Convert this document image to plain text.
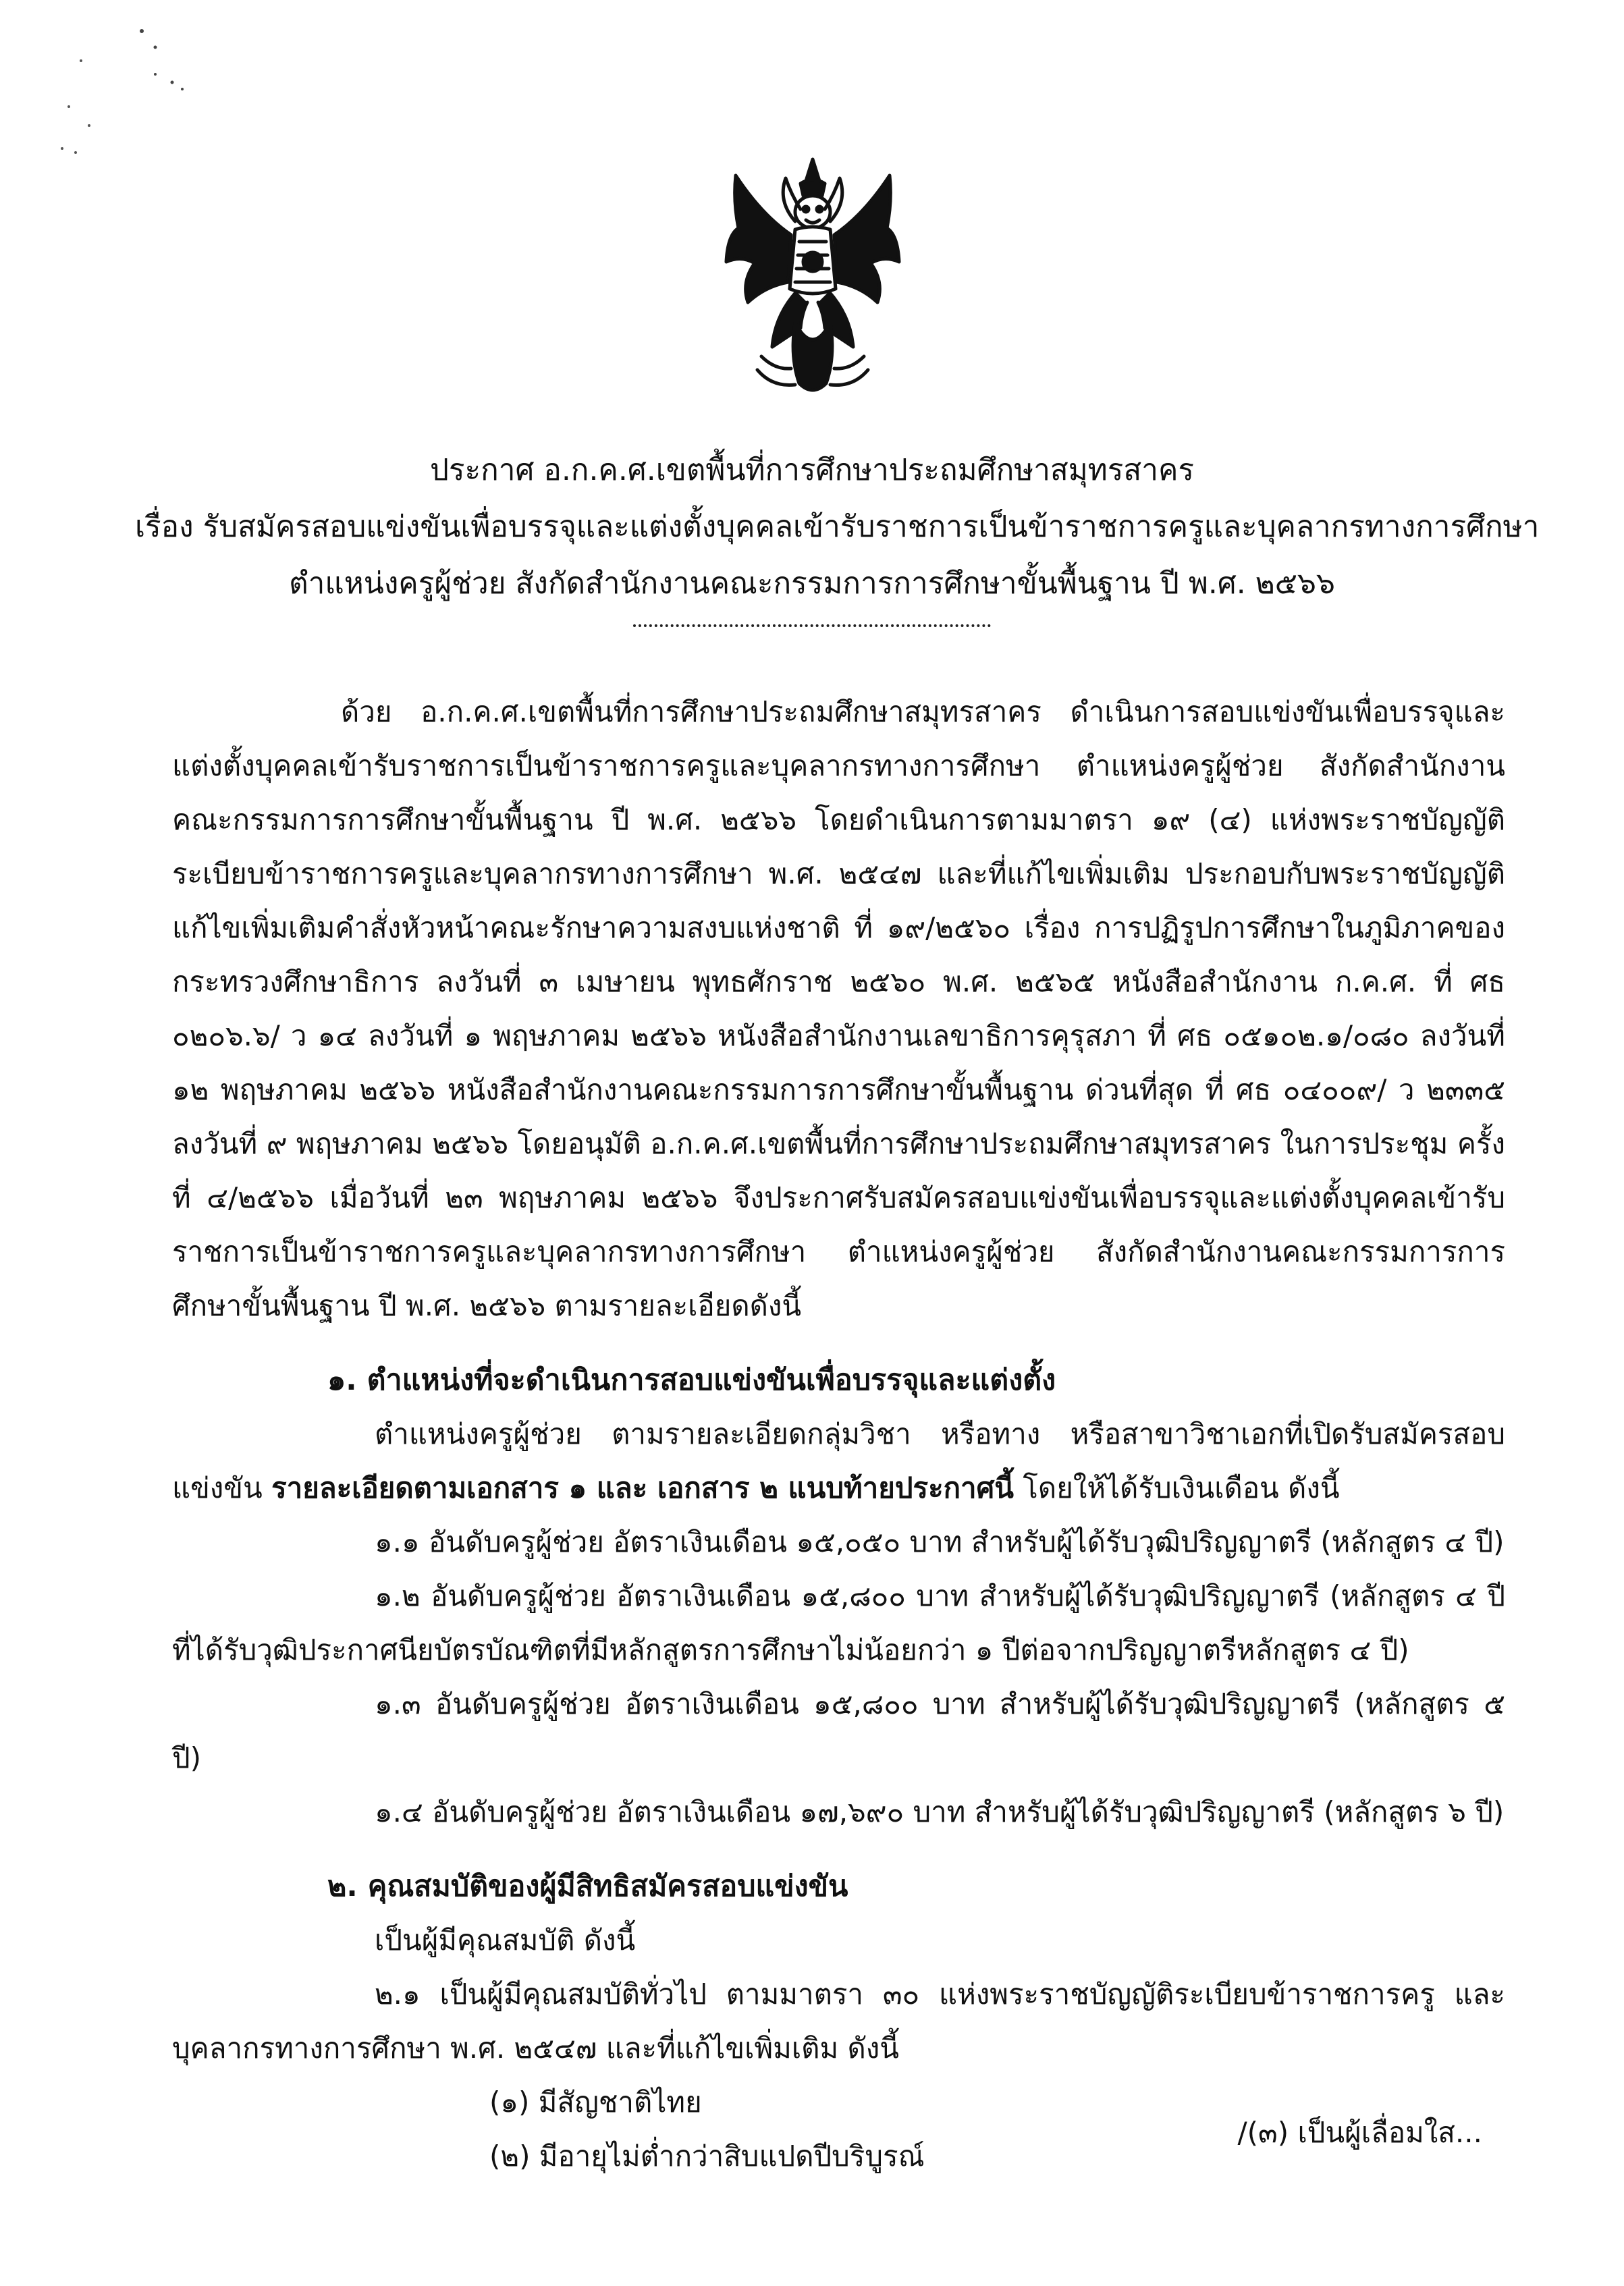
ประกาศ อ.ก.ค.ศ.เขตพื้นที่การศึกษาประถมศึกษาสมุทรสาคร

เรื่อง รับสมัครสอบแข่งขันเพื่อบรรจุและแต่งตั้งบุคคลเข้ารับราชการเป็นข้าราชการครูและบุคลากรทางการศึกษา

ตำแหน่งครูผู้ช่วย สังกัดสำนักงานคณะกรรมการการศึกษาขั้นพื้นฐาน ปี พ.ศ. ๒๕๖๖

ด้วย อ.ก.ค.ศ.เขตพื้นที่การศึกษาประถมศึกษาสมุทรสาคร ดำเนินการสอบแข่งขันเพื่อบรรจุและแต่งตั้งบุคคลเข้ารับราชการเป็นข้าราชการครูและบุคลากรทางการศึกษา ตำแหน่งครูผู้ช่วย สังกัดสำนักงานคณะกรรมการการศึกษาขั้นพื้นฐาน ปี พ.ศ. ๒๕๖๖ โดยดำเนินการตามมาตรา ๑๙ (๔) แห่งพระราชบัญญัติระเบียบข้าราชการครูและบุคลากรทางการศึกษา พ.ศ. ๒๕๔๗ และที่แก้ไขเพิ่มเติม ประกอบกับพระราชบัญญัติแก้ไขเพิ่มเติมคำสั่งหัวหน้าคณะรักษาความสงบแห่งชาติ ที่ ๑๙/๒๕๖๐ เรื่อง การปฏิรูปการศึกษาในภูมิภาคของกระทรวงศึกษาธิการ ลงวันที่ ๓ เมษายน พุทธศักราช ๒๕๖๐ พ.ศ. ๒๕๖๕ หนังสือสำนักงาน ก.ค.ศ. ที่ ศธ ๐๒๐๖.๖/ ว ๑๔ ลงวันที่ ๑ พฤษภาคม ๒๕๖๖ หนังสือสำนักงานเลขาธิการคุรุสภา ที่ ศธ ๐๕๑๐๒.๑/๐๘๐ ลงวันที่ ๑๒ พฤษภาคม ๒๕๖๖ หนังสือสำนักงานคณะกรรมการการศึกษาขั้นพื้นฐาน ด่วนที่สุด ที่ ศธ ๐๔๐๐๙/ ว ๒๓๓๕ ลงวันที่ ๙ พฤษภาคม ๒๕๖๖ โดยอนุมัติ อ.ก.ค.ศ.เขตพื้นที่การศึกษาประถมศึกษาสมุทรสาคร ในการประชุม ครั้งที่ ๔/๒๕๖๖ เมื่อวันที่ ๒๓ พฤษภาคม ๒๕๖๖ จึงประกาศรับสมัครสอบแข่งขันเพื่อบรรจุและแต่งตั้งบุคคลเข้ารับราชการเป็นข้าราชการครูและบุคลากรทางการศึกษา ตำแหน่งครูผู้ช่วย สังกัดสำนักงานคณะกรรมการการศึกษาขั้นพื้นฐาน ปี พ.ศ. ๒๕๖๖ ตามรายละเอียดดังนี้

๑. ตำแหน่งที่จะดำเนินการสอบแข่งขันเพื่อบรรจุและแต่งตั้ง

ตำแหน่งครูผู้ช่วย ตามรายละเอียดกลุ่มวิชา หรือทาง หรือสาขาวิชาเอกที่เปิดรับสมัครสอบแข่งขัน รายละเอียดตามเอกสาร ๑ และ เอกสาร ๒ แนบท้ายประกาศนี้ โดยให้ได้รับเงินเดือน ดังนี้

๑.๑ อันดับครูผู้ช่วย อัตราเงินเดือน ๑๕,๐๕๐ บาท สำหรับผู้ได้รับวุฒิปริญญาตรี (หลักสูตร ๔ ปี)

๑.๒ อันดับครูผู้ช่วย อัตราเงินเดือน ๑๕,๘๐๐ บาท สำหรับผู้ได้รับวุฒิปริญญาตรี (หลักสูตร ๔ ปี ที่ได้รับวุฒิประกาศนียบัตรบัณฑิตที่มีหลักสูตรการศึกษาไม่น้อยกว่า ๑ ปีต่อจากปริญญาตรีหลักสูตร ๔ ปี)

๑.๓ อันดับครูผู้ช่วย อัตราเงินเดือน ๑๕,๘๐๐ บาท สำหรับผู้ได้รับวุฒิปริญญาตรี (หลักสูตร ๕ ปี)

๑.๔ อันดับครูผู้ช่วย อัตราเงินเดือน ๑๗,๖๙๐ บาท สำหรับผู้ได้รับวุฒิปริญญาตรี (หลักสูตร ๖ ปี)

๒. คุณสมบัติของผู้มีสิทธิสมัครสอบแข่งขัน

เป็นผู้มีคุณสมบัติ ดังนี้

๒.๑ เป็นผู้มีคุณสมบัติทั่วไป ตามมาตรา ๓๐ แห่งพระราชบัญญัติระเบียบข้าราชการครู และบุคลากรทางการศึกษา พ.ศ. ๒๕๔๗ และที่แก้ไขเพิ่มเติม ดังนี้

(๑) มีสัญชาติไทย

(๒) มีอายุไม่ต่ำกว่าสิบแปดปีบริบูรณ์

/(๓) เป็นผู้เลื่อมใส...
